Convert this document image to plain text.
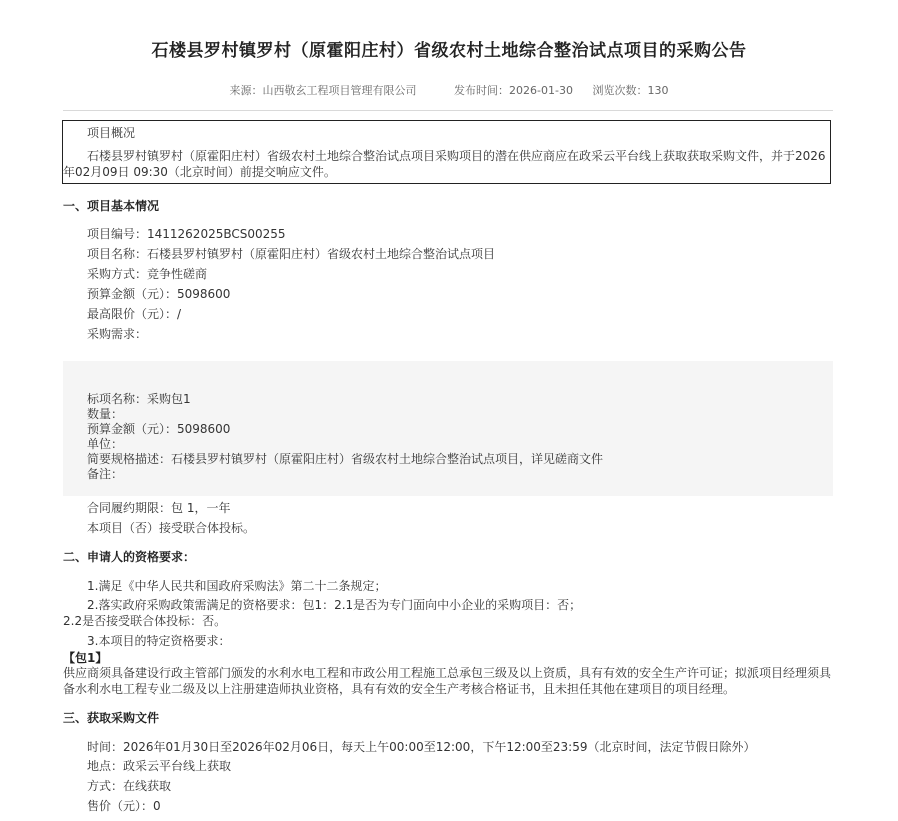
石楼县罗村镇罗村（原霍阳庄村）省级农村土地综合整治试点项目的采购公告
来源：山西敬玄工程项目管理有限公司	发布时间：2026-01-30 浏览次数：130
项目概况
石楼县罗村镇罗村（原霍阳庄村）省级农村土地综合整治试点项目采购项目的潜在供应商应在政采云平台线上获取获取采购文件，并于2026
年02月09日 09:30（北京时间）前提交响应文件。
一、项目基本情况
项目编号：1411262025BCS00255
项目名称：石楼县罗村镇罗村（原霍阳庄村）省级农村土地综合整治试点项目
采购方式：竞争性磋商
预算金额（元）：5098600
最高限价（元）：/
采购需求：
标项名称：采购包1
数量：
预算金额（元）：5098600
单位：
简要规格描述：石楼县罗村镇罗村（原霍阳庄村）省级农村土地综合整治试点项目，详见磋商文件
备注：
合同履约期限：包 1，一年
本项目（否）接受联合体投标。
二、申请人的资格要求：
1.满足《中华人民共和国政府采购法》第二十二条规定；
2.落实政府采购政策需满足的资格要求：包1：2.1是否为专门面向中小企业的采购项目：否；
2.2是否接受联合体投标：否。
3.本项目的特定资格要求：
【包1】
供应商须具备建设行政主管部门颁发的水利水电工程和市政公用工程施工总承包三级及以上资质，具有有效的安全生产许可证；拟派项目经理须具
备水利水电工程专业二级及以上注册建造师执业资格，具有有效的安全生产考核合格证书，且未担任其他在建项目的项目经理。
三、获取采购文件
时间：2026年01月30日至2026年02月06日，每天上午00:00至12:00，下午12:00至23:59（北京时间，法定节假日除外）
地点：政采云平台线上获取
方式：在线获取
售价（元）：0
